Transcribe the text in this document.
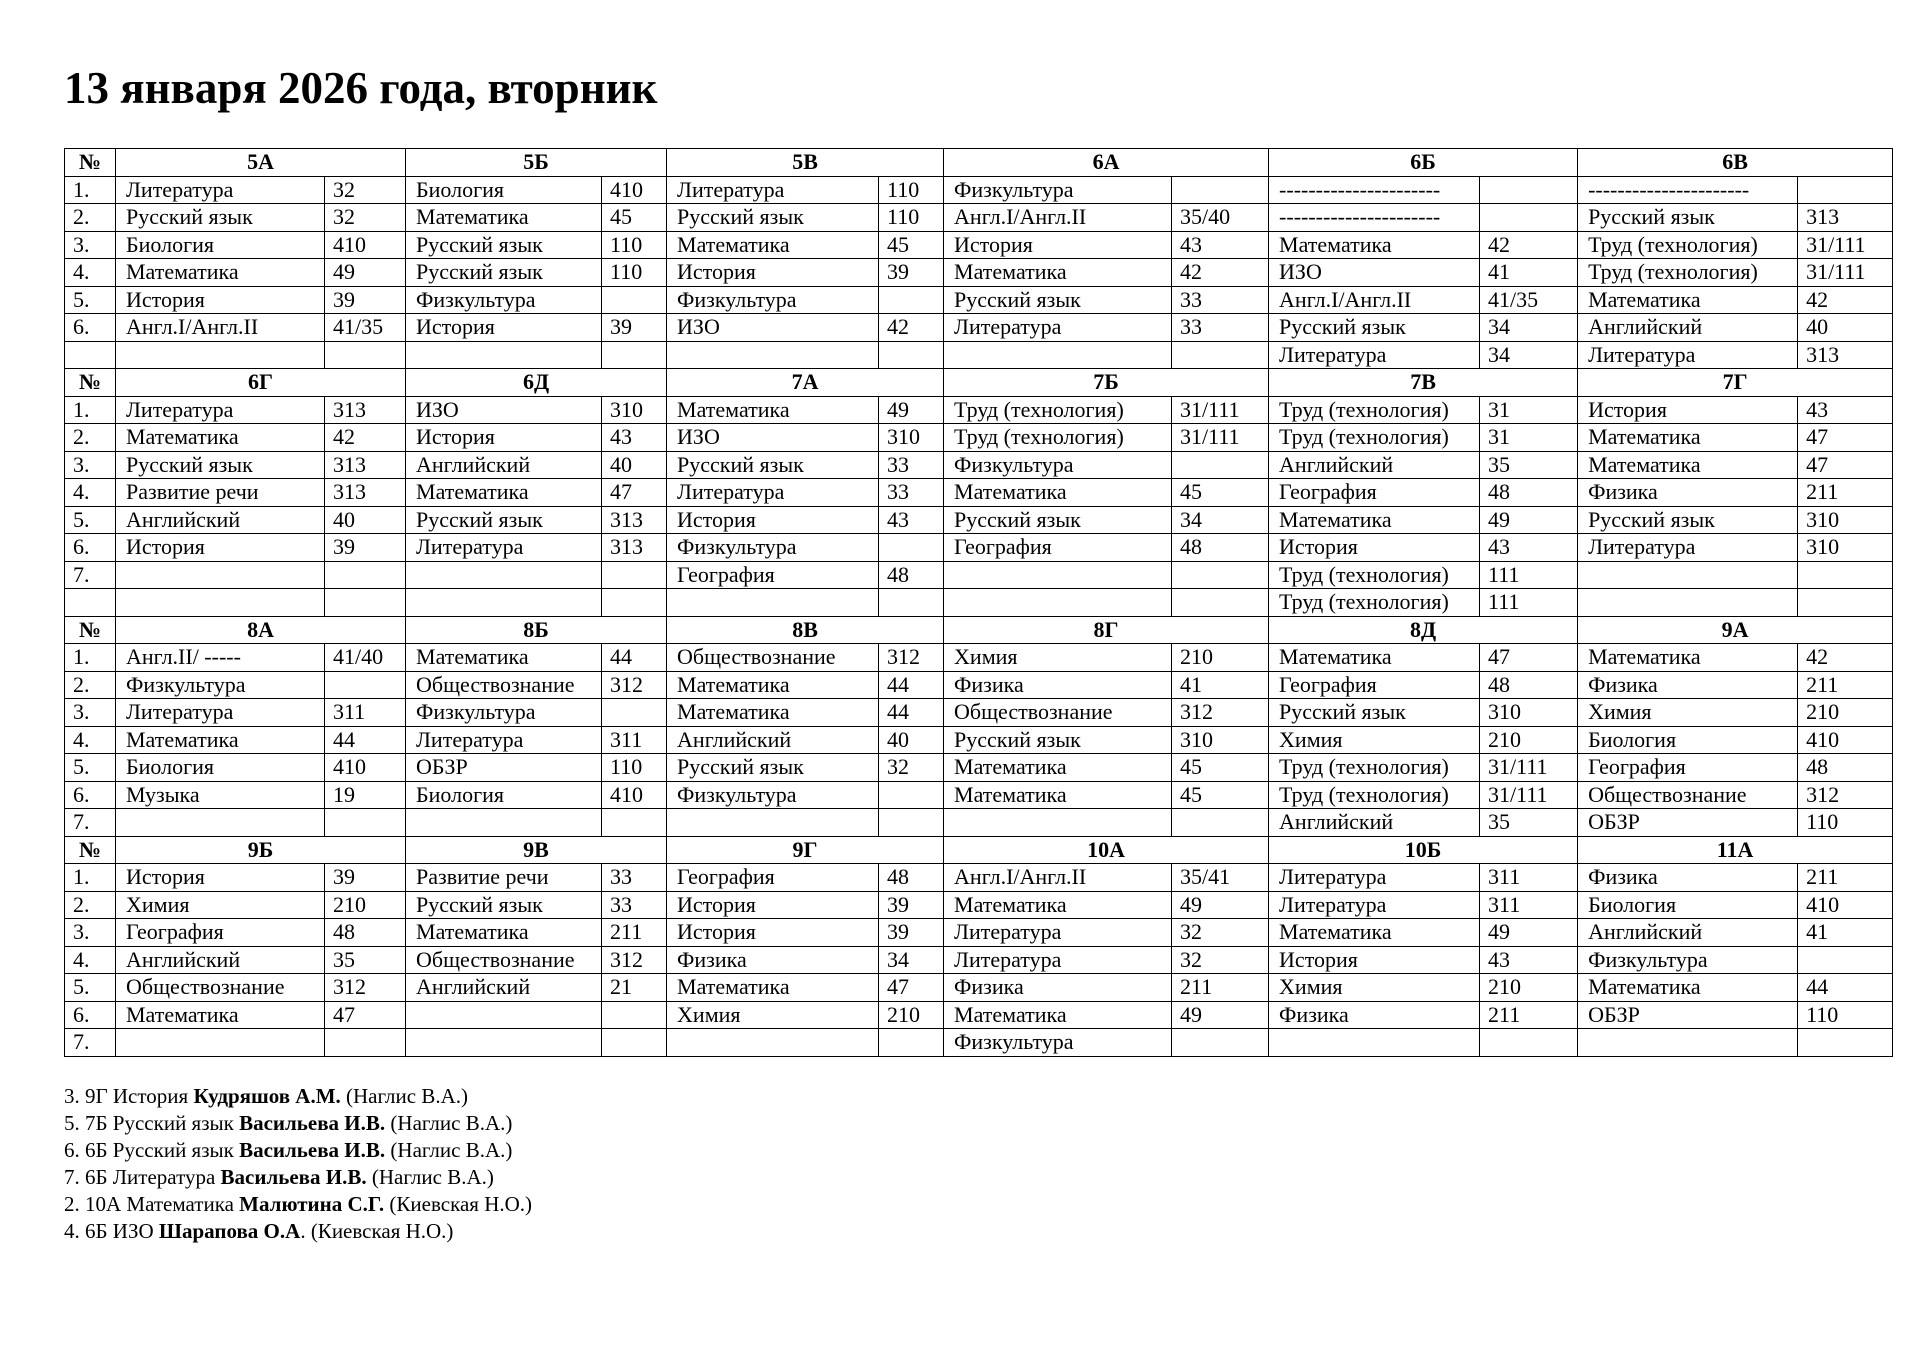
13 января 2026 года, вторник
№	5А		5Б		5В		6А		6Б		6В	
1.	Литература	32	Биология	410	Литература	110	Физкультура		----------------------		----------------------	
2.	Русский язык	32	Математика	45	Русский язык	110	Англ.I/Англ.II	35/40	----------------------		Русский язык	313
3.	Биология	410	Русский язык	110	Математика	45	История	43	Математика	42	Труд (технология)	31/111
4.	Математика	49	Русский язык	110	История	39	Математика	42	ИЗО	41	Труд (технология)	31/111
5.	История	39	Физкультура		Физкультура		Русский язык	33	Англ.I/Англ.II	41/35	Математика	42
6.	Англ.I/Англ.II	41/35	История	39	ИЗО	42	Литература	33	Русский язык	34	Английский	40
									Литература	34	Литература	313
№	6Г		6Д		7А		7Б		7В		7Г	
1.	Литература	313	ИЗО	310	Математика	49	Труд (технология)	31/111	Труд (технология)	31	История	43
2.	Математика	42	История	43	ИЗО	310	Труд (технология)	31/111	Труд (технология)	31	Математика	47
3.	Русский язык	313	Английский	40	Русский язык	33	Физкультура		Английский	35	Математика	47
4.	Развитие речи	313	Математика	47	Литература	33	Математика	45	География	48	Физика	211
5.	Английский	40	Русский язык	313	История	43	Русский язык	34	Математика	49	Русский язык	310
6.	История	39	Литература	313	Физкультура		География	48	История	43	Литература	310
7.					География	48			Труд (технология)	111		
									Труд (технология)	111		
№	8А		8Б		8В		8Г		8Д		9А	
1.	Англ.II/ -----	41/40	Математика	44	Обществознание	312	Химия	210	Математика	47	Математика	42
2.	Физкультура		Обществознание	312	Математика	44	Физика	41	География	48	Физика	211
3.	Литература	311	Физкультура		Математика	44	Обществознание	312	Русский язык	310	Химия	210
4.	Математика	44	Литература	311	Английский	40	Русский язык	310	Химия	210	Биология	410
5.	Биология	410	ОБЗР	110	Русский язык	32	Математика	45	Труд (технология)	31/111	География	48
6.	Музыка	19	Биология	410	Физкультура		Математика	45	Труд (технология)	31/111	Обществознание	312
7.									Английский	35	ОБЗР	110
№	9Б		9В		9Г		10А		10Б		11А	
1.	История	39	Развитие речи	33	География	48	Англ.I/Англ.II	35/41	Литература	311	Физика	211
2.	Химия	210	Русский язык	33	История	39	Математика	49	Литература	311	Биология	410
3.	География	48	Математика	211	История	39	Литература	32	Математика	49	Английский	41
4.	Английский	35	Обществознание	312	Физика	34	Литература	32	История	43	Физкультура	
5.	Обществознание	312	Английский	21	Математика	47	Физика	211	Химия	210	Математика	44
6.	Математика	47			Химия	210	Математика	49	Физика	211	ОБЗР	110
7.							Физкультура					
3. 9Г История Кудряшов А.М. (Наглис В.А.)
5. 7Б Русский язык Васильева И.В. (Наглис В.А.)
6. 6Б Русский язык Васильева И.В. (Наглис В.А.)
7. 6Б Литература Васильева И.В. (Наглис В.А.)
2. 10А Математика Малютина С.Г. (Киевская Н.О.)
4. 6Б ИЗО Шарапова О.А. (Киевская Н.О.)
